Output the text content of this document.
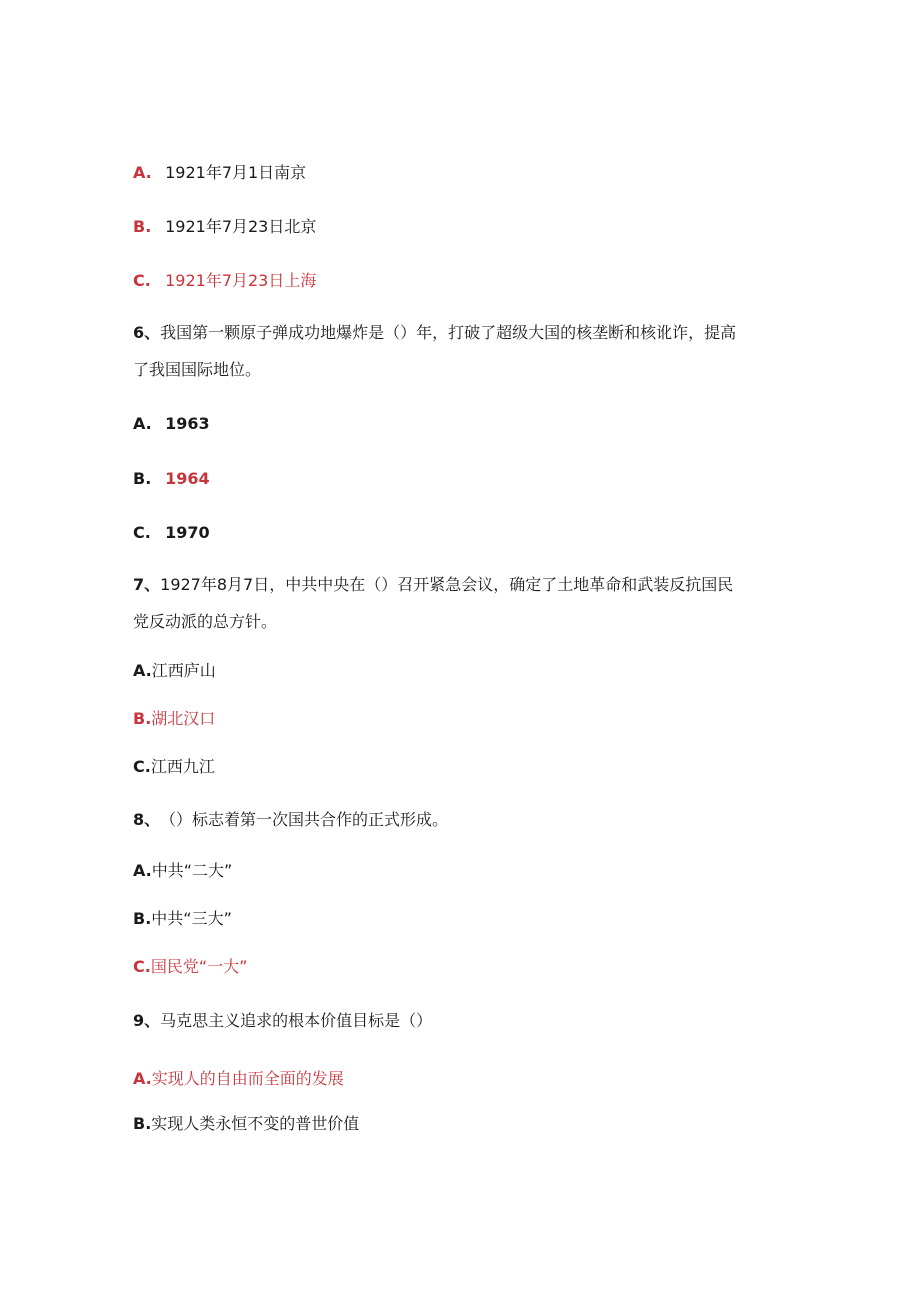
A. 1921年7月1日南京
B. 1921年7月23日北京
C. 1921年7月23日上海
6、我国第一颗原子弹成功地爆炸是（）年，打破了超级大国的核垄断和核讹诈，提高
了我国国际地位。
A. 1963
B. 1964
C. 1970
7、1927年8月7日，中共中央在（）召开紧急会议，确定了土地革命和武装反抗国民
党反动派的总方针。
A.江西庐山
B.湖北汉口
C.江西九江
8、（）标志着第一次国共合作的正式形成。
A.中共“二大”
B.中共“三大”
C.国民党“一大”
9、马克思主义追求的根本价值目标是（）
A.实现人的自由而全面的发展
B.实现人类永恒不变的普世价值
